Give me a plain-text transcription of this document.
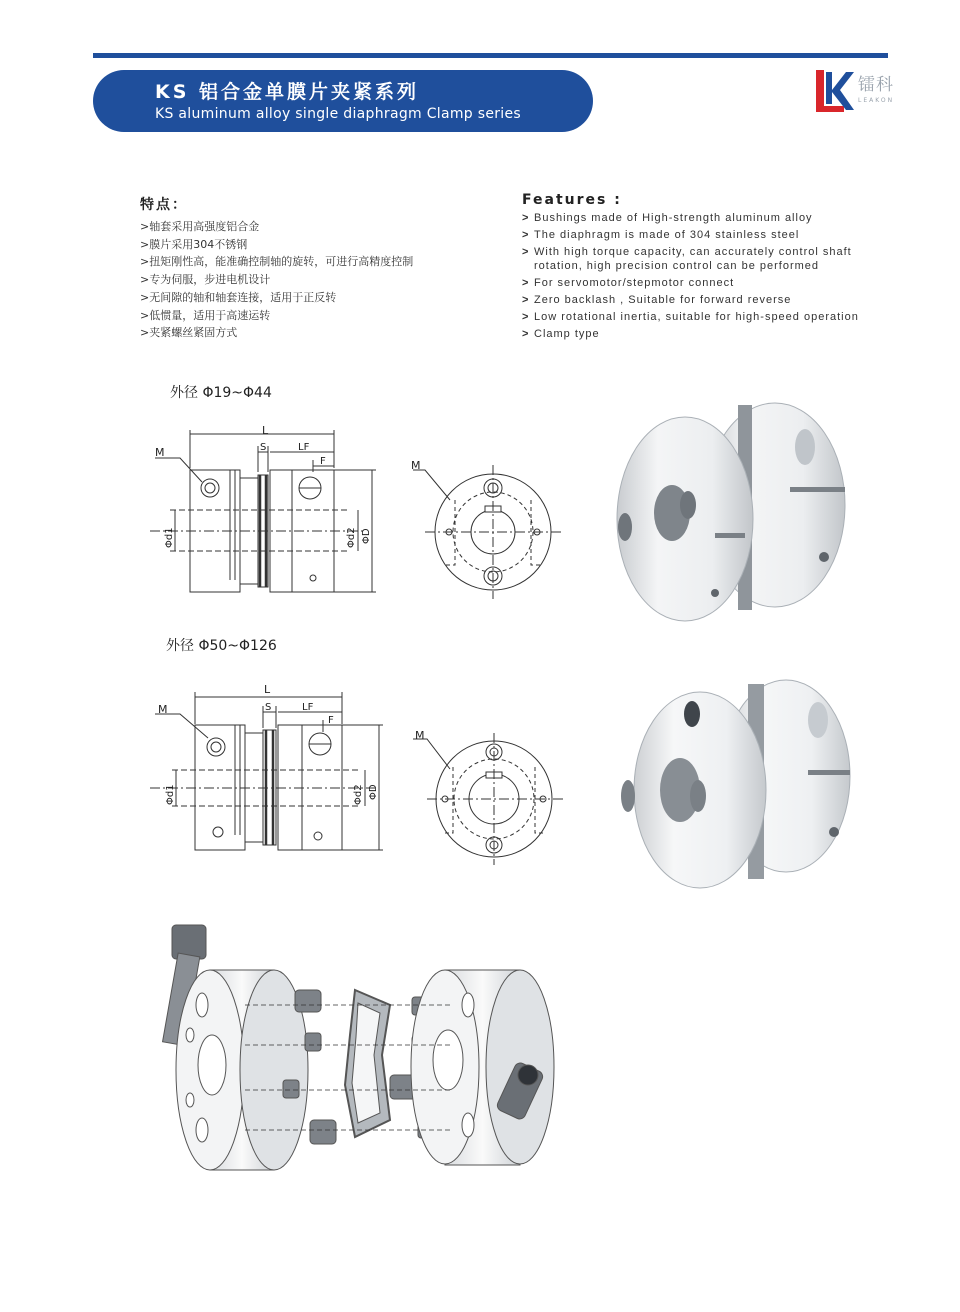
KS 铝合金单膜片夹紧系列
KS aluminum alloy single diaphragm Clamp series
镭科
LEAKON
特点：
>轴套采用高强度铝合金
>膜片采用304不锈钢
>扭矩刚性高，能准确控制轴的旋转，可进行高精度控制
>专为伺服，步进电机设计
>无间隙的轴和轴套连接，适用于正反转
>低惯量，适用于高速运转
>夹紧螺丝紧固方式
Features :
> Bushings made of High-strength aluminum alloy
> The diaphragm is made of 304 stainless steel
> With high torque capacity, can accurately control shaft rotation, high precision control can be performed
> For servomotor/stepmotor connect
> Zero backlash , Suitable for forward reverse
> Low rotational inertia, suitable for high-speed operation
> Clamp type
外径 Φ19~Φ44
L
S	LF
F
M
Φd1	Φd2 ΦD
M
外径 Φ50~Φ126
L
S	LF
F
M
Φd1	Φd2 ΦD
M
